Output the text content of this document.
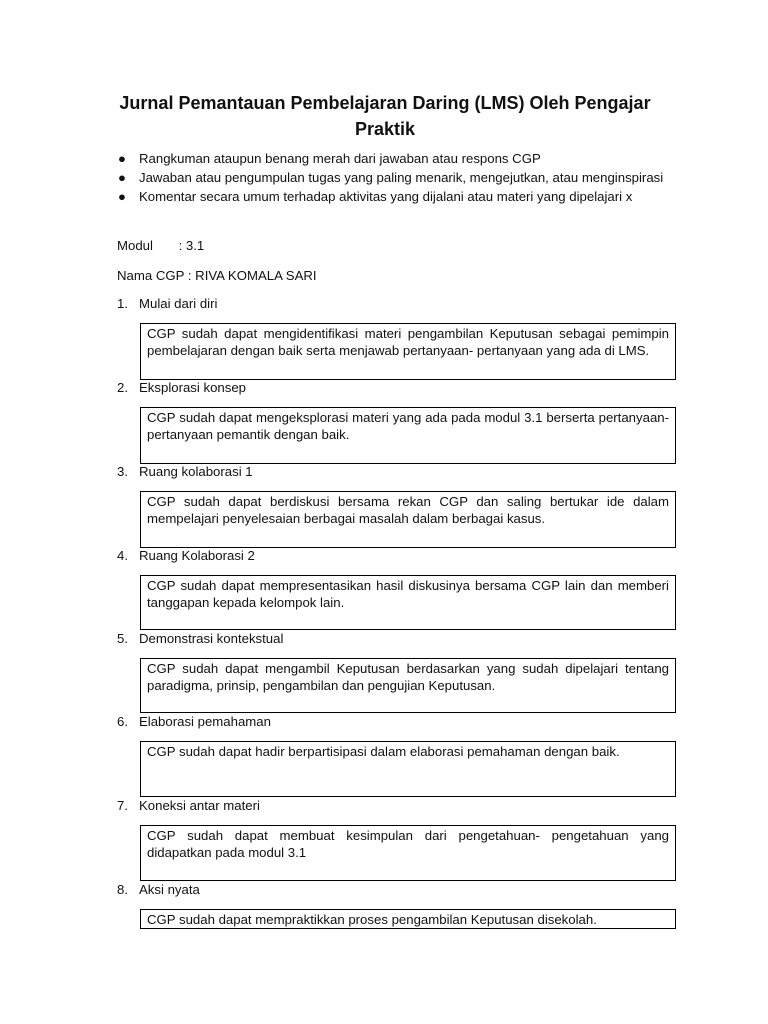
Jurnal Pemantauan Pembelajaran Daring (LMS) Oleh Pengajar Praktik
● Rangkuman ataupun benang merah dari jawaban atau respons CGP
● Jawaban atau pengumpulan tugas yang paling menarik, mengejutkan, atau menginspirasi
● Komentar secara umum terhadap aktivitas yang dijalani atau materi yang dipelajari x
Modul       : 3.1
Nama CGP : RIVA KOMALA SARI
1. Mulai dari diri
CGP sudah dapat mengidentifikasi materi pengambilan Keputusan sebagai pemimpin pembelajaran dengan baik serta menjawab pertanyaan- pertanyaan yang ada di LMS.
2. Eksplorasi konsep
CGP sudah dapat mengeksplorasi materi yang ada pada modul 3.1 berserta pertanyaan- pertanyaan pemantik dengan baik.
3. Ruang kolaborasi 1
CGP sudah dapat berdiskusi bersama rekan CGP dan saling bertukar ide dalam mempelajari penyelesaian berbagai masalah dalam berbagai kasus.
4. Ruang Kolaborasi 2
CGP sudah dapat mempresentasikan hasil diskusinya bersama CGP lain dan memberi tanggapan kepada kelompok lain.
5. Demonstrasi kontekstual
CGP sudah dapat mengambil Keputusan berdasarkan yang sudah dipelajari tentang paradigma, prinsip, pengambilan dan pengujian Keputusan.
6. Elaborasi pemahaman
CGP sudah dapat hadir berpartisipasi dalam elaborasi pemahaman dengan baik.
7. Koneksi antar materi
CGP sudah dapat membuat kesimpulan dari pengetahuan- pengetahuan yang didapatkan pada modul 3.1
8. Aksi nyata
CGP sudah dapat mempraktikkan proses pengambilan Keputusan disekolah.
